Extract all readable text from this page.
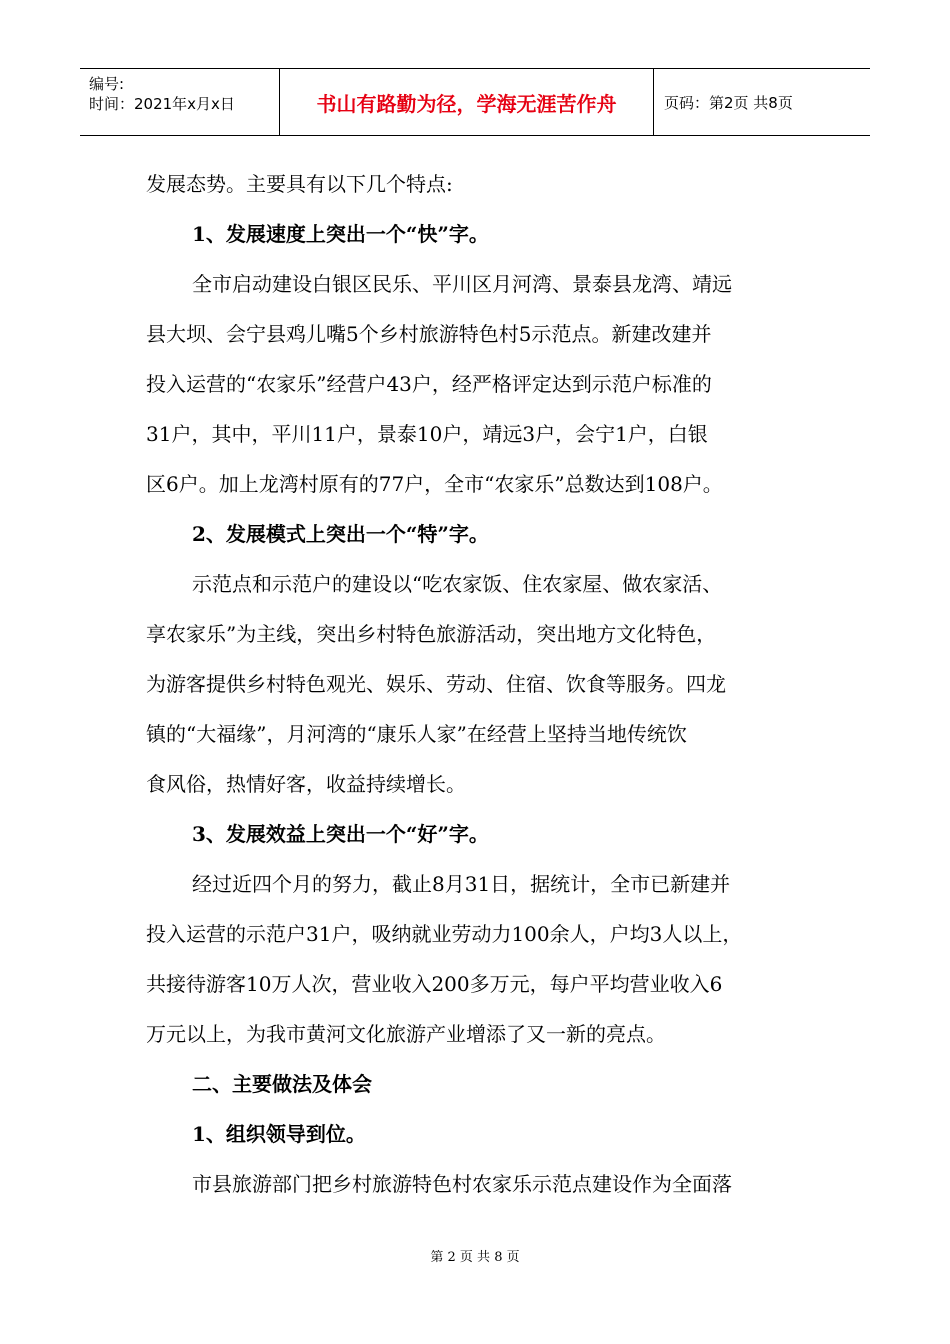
编号:
时间：2021年x月x日	书山有路勤为径，学海无涯苦作舟	页码：第2页 共8页
发展态势。主要具有以下几个特点:
1、发展速度上突出一个“快”字。
全市启动建设白银区民乐、平川区月河湾、景泰县龙湾、靖远
县大坝、会宁县鸡儿嘴5个乡村旅游特色村5示范点。新建改建并
投入运营的“农家乐”经营户43户，经严格评定达到示范户标准的
31户，其中，平川11户，景泰10户，靖远3户，会宁1户，白银
区6户。加上龙湾村原有的77户，全市“农家乐”总数达到108户。
2、发展模式上突出一个“特”字。
示范点和示范户的建设以“吃农家饭、住农家屋、做农家活、
享农家乐”为主线，突出乡村特色旅游活动，突出地方文化特色，
为游客提供乡村特色观光、娱乐、劳动、住宿、饮食等服务。四龙
镇的“大福缘”，月河湾的“康乐人家”在经营上坚持当地传统饮
食风俗，热情好客，收益持续增长。
3、发展效益上突出一个“好”字。
经过近四个月的努力，截止8月31日，据统计，全市已新建并
投入运营的示范户31户，吸纳就业劳动力100余人，户均3人以上，
共接待游客10万人次，营业收入200多万元，每户平均营业收入6
万元以上，为我市黄河文化旅游产业增添了又一新的亮点。
二、主要做法及体会
1、组织领导到位。
市县旅游部门把乡村旅游特色村农家乐示范点建设作为全面落
第 2 页 共 8 页
